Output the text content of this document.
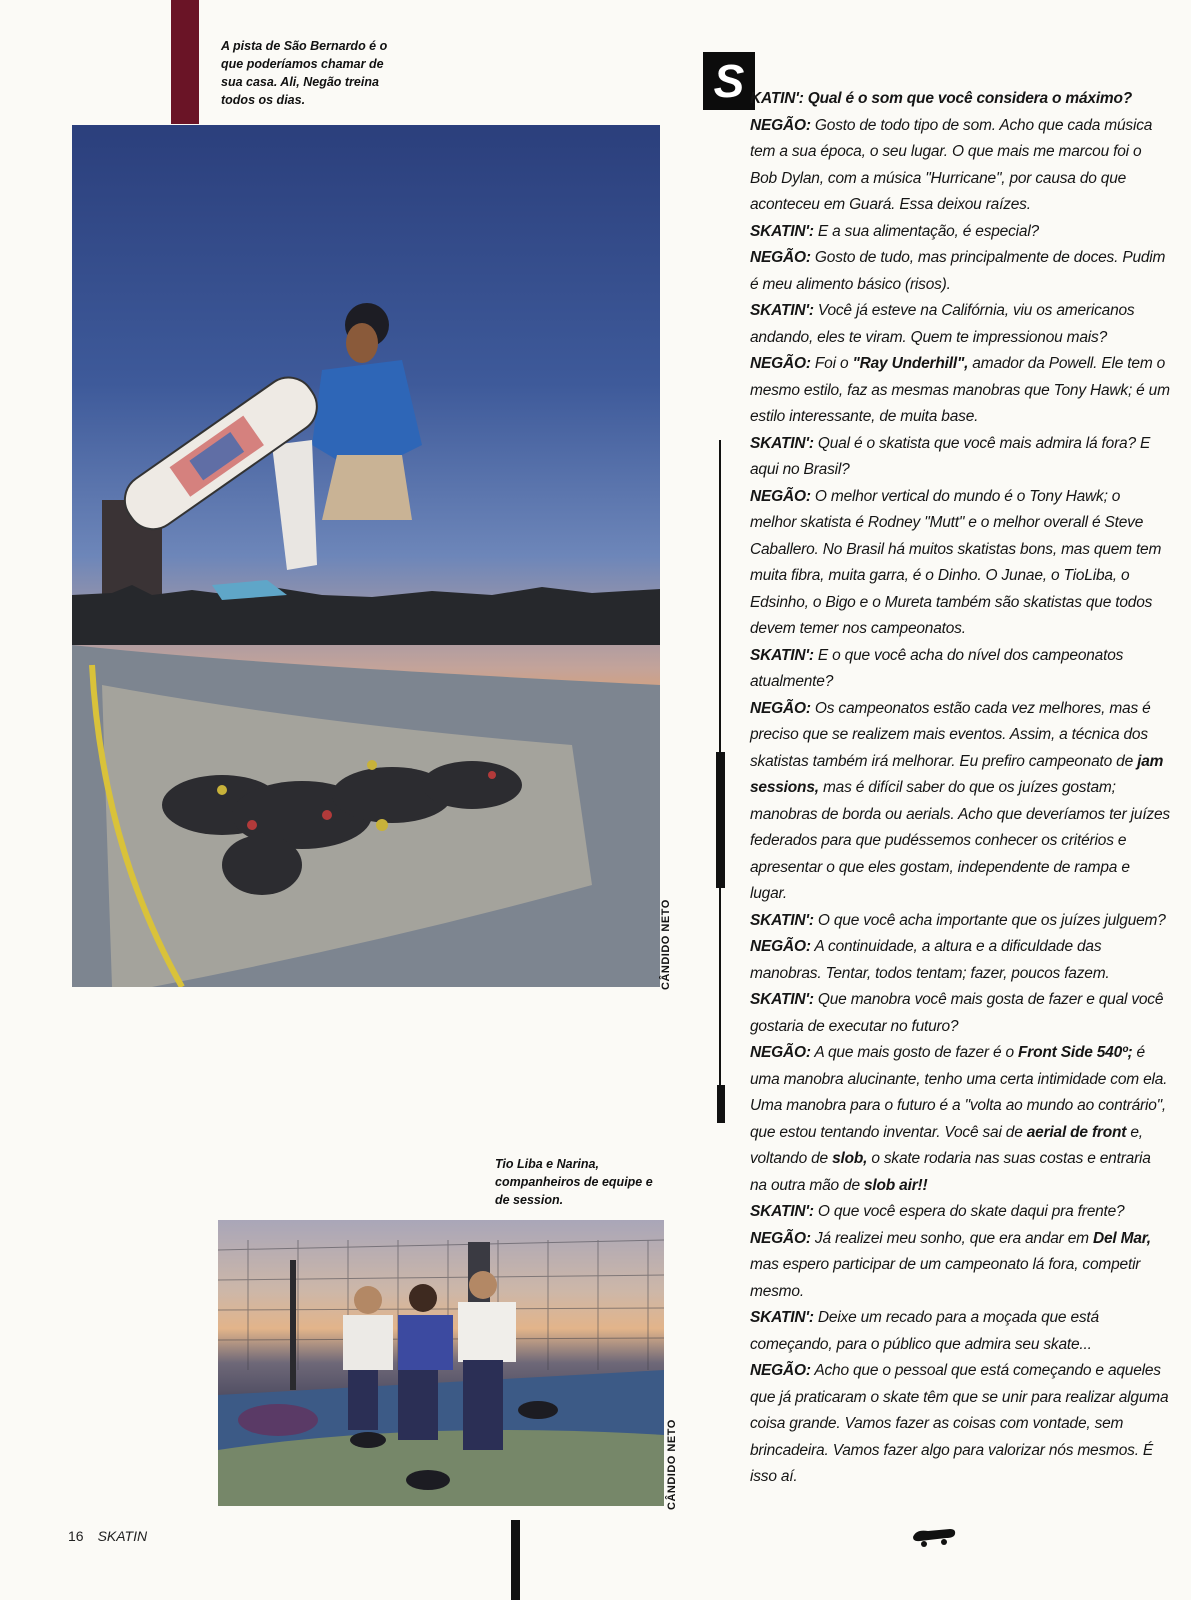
A pista de São Bernardo é o que poderíamos chamar de sua casa. Ali, Negão treina todos os dias.
CÂNDIDO NETO
Tio Liba e Narina, companheiros de equipe e de session.
CÂNDIDO NETO
S KATIN': Qual é o som que você considera o máximo?

NEGÃO: Gosto de todo tipo de som. Acho que cada música tem a sua época, o seu lugar. O que mais me marcou foi o Bob Dylan, com a música "Hurricane", por causa do que aconteceu em Guará. Essa deixou raízes.

SKATIN': E a sua alimentação, é especial?

NEGÃO: Gosto de tudo, mas principalmente de doces. Pudim é meu alimento básico (risos).

SKATIN': Você já esteve na Califórnia, viu os americanos andando, eles te viram. Quem te impressionou mais?

NEGÃO: Foi o "Ray Underhill", amador da Powell. Ele tem o mesmo estilo, faz as mesmas manobras que Tony Hawk; é um estilo interessante, de muita base.

SKATIN': Qual é o skatista que você mais admira lá fora? E aqui no Brasil?

NEGÃO: O melhor vertical do mundo é o Tony Hawk; o melhor skatista é Rodney "Mutt" e o melhor overall é Steve Caballero. No Brasil há muitos skatistas bons, mas quem tem muita fibra, muita garra, é o Dinho. O Junae, o TioLiba, o Edsinho, o Bigo e o Mureta também são skatistas que todos devem temer nos campeonatos.

SKATIN': E o que você acha do nível dos campeonatos atualmente?

NEGÃO: Os campeonatos estão cada vez melhores, mas é preciso que se realizem mais eventos. Assim, a técnica dos skatistas também irá melhorar. Eu prefiro campeonato de jam sessions, mas é difícil saber do que os juízes gostam; manobras de borda ou aerials. Acho que deveríamos ter juízes federados para que pudéssemos conhecer os critérios e apresentar o que eles gostam, independente de rampa e lugar.

SKATIN': O que você acha importante que os juízes julguem?

NEGÃO: A continuidade, a altura e a dificuldade das manobras. Tentar, todos tentam; fazer, poucos fazem.

SKATIN': Que manobra você mais gosta de fazer e qual você gostaria de executar no futuro?

NEGÃO: A que mais gosto de fazer é o Front Side 540º; é uma manobra alucinante, tenho uma certa intimidade com ela. Uma manobra para o futuro é a "volta ao mundo ao contrário", que estou tentando inventar. Você sai de aerial de front e, voltando de slob, o skate rodaria nas suas costas e entraria na outra mão de slob air!!

SKATIN': O que você espera do skate daqui pra frente?

NEGÃO: Já realizei meu sonho, que era andar em Del Mar, mas espero participar de um campeonato lá fora, competir mesmo.

SKATIN': Deixe um recado para a moçada que está começando, para o público que admira seu skate...

NEGÃO: Acho que o pessoal que está começando e aqueles que já praticaram o skate têm que se unir para realizar alguma coisa grande. Vamos fazer as coisas com vontade, sem brincadeira. Vamos fazer algo para valorizar nós mesmos. É isso aí.

16 SKATIN
